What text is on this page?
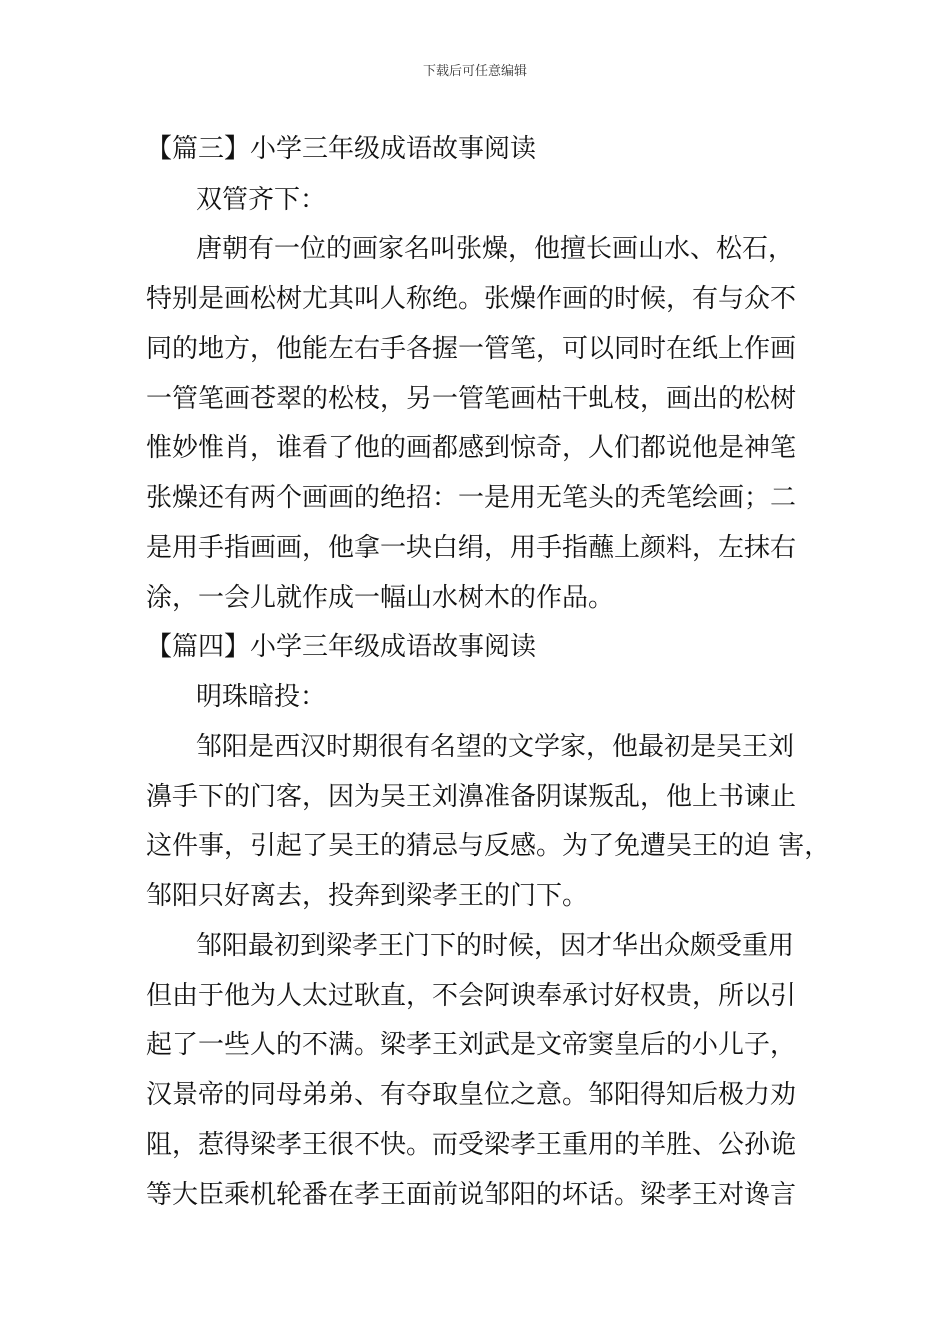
下载后可任意编辑
【篇三】小学三年级成语故事阅读
双管齐下：
唐朝有一位的画家名叫张燥，他擅长画山水、松石，
特别是画松树尤其叫人称绝。张燥作画的时候，有与众不
同的地方，他能左右手各握一管笔，可以同时在纸上作画
一管笔画苍翠的松枝，另一管笔画枯干虬枝，画出的松树
惟妙惟肖，谁看了他的画都感到惊奇，人们都说他是神笔
张燥还有两个画画的绝招：一是用无笔头的秃笔绘画；二
是用手指画画，他拿一块白绢，用手指蘸上颜料，左抹右
涂，一会儿就作成一幅山水树木的作品。
【篇四】小学三年级成语故事阅读
明珠暗投：
邹阳是西汉时期很有名望的文学家，他最初是吴王刘
濞手下的门客，因为吴王刘濞准备阴谋叛乱，他上书谏止
这件事，引起了吴王的猜忌与反感。为了免遭吴王的迫 害，
邹阳只好离去，投奔到梁孝王的门下。
邹阳最初到梁孝王门下的时候，因才华出众颇受重用
但由于他为人太过耿直，不会阿谀奉承讨好权贵，所以引
起了一些人的不满。梁孝王刘武是文帝窦皇后的小儿子，
汉景帝的同母弟弟、有夺取皇位之意。邹阳得知后极力劝
阻，惹得梁孝王很不快。而受梁孝王重用的羊胜、公孙诡
等大臣乘机轮番在孝王面前说邹阳的坏话。梁孝王对谗言
